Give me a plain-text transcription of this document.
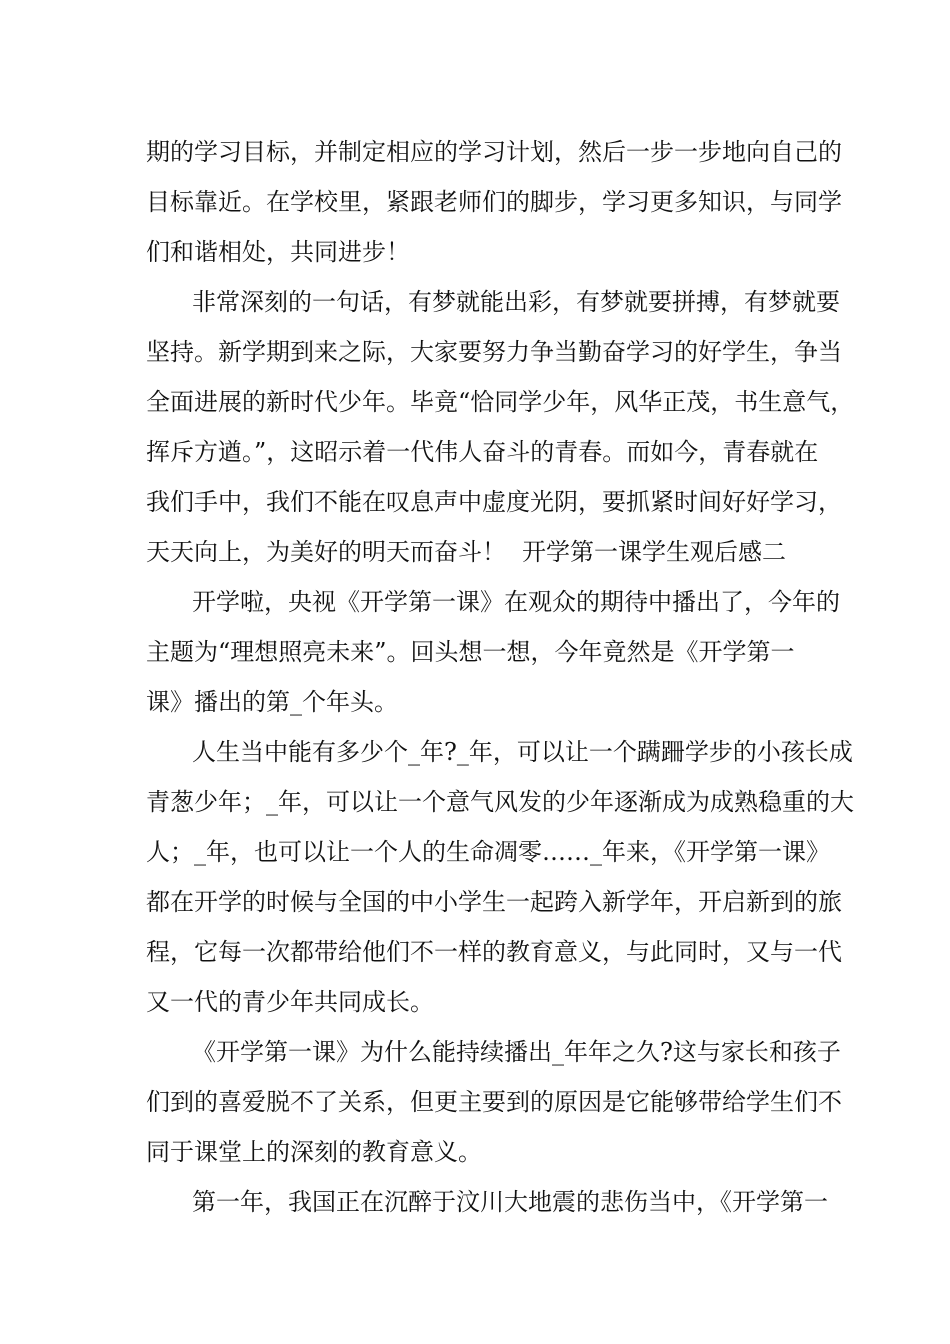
期的学习目标，并制定相应的学习计划，然后一步一步地向自己的
目标靠近。在学校里，紧跟老师们的脚步，学习更多知识，与同学
们和谐相处，共同进步！
非常深刻的一句话，有梦就能出彩，有梦就要拼搏，有梦就要
坚持。新学期到来之际，大家要努力争当勤奋学习的好学生，争当
全面进展的新时代少年。毕竟“恰同学少年，风华正茂，书生意气，
挥斥方遒。”，这昭示着一代伟人奋斗的青春。而如今，青春就在
我们手中，我们不能在叹息声中虚度光阴，要抓紧时间好好学习，
天天向上，为美好的明天而奋斗！ 开学第一课学生观后感二
开学啦，央视《开学第一课》在观众的期待中播出了，今年的
主题为“理想照亮未来”。回头想一想，今年竟然是《开学第一
课》播出的第_个年头。
人生当中能有多少个_年?_年，可以让一个蹒跚学步的小孩长成
青葱少年；_年，可以让一个意气风发的少年逐渐成为成熟稳重的大
人；_年，也可以让一个人的生命凋零……_年来，《开学第一课》
都在开学的时候与全国的中小学生一起跨入新学年，开启新到的旅
程，它每一次都带给他们不一样的教育意义，与此同时，又与一代
又一代的青少年共同成长。
《开学第一课》为什么能持续播出_年年之久?这与家长和孩子
们到的喜爱脱不了关系，但更主要到的原因是它能够带给学生们不
同于课堂上的深刻的教育意义。
第一年，我国正在沉醉于汶川大地震的悲伤当中，《开学第一
